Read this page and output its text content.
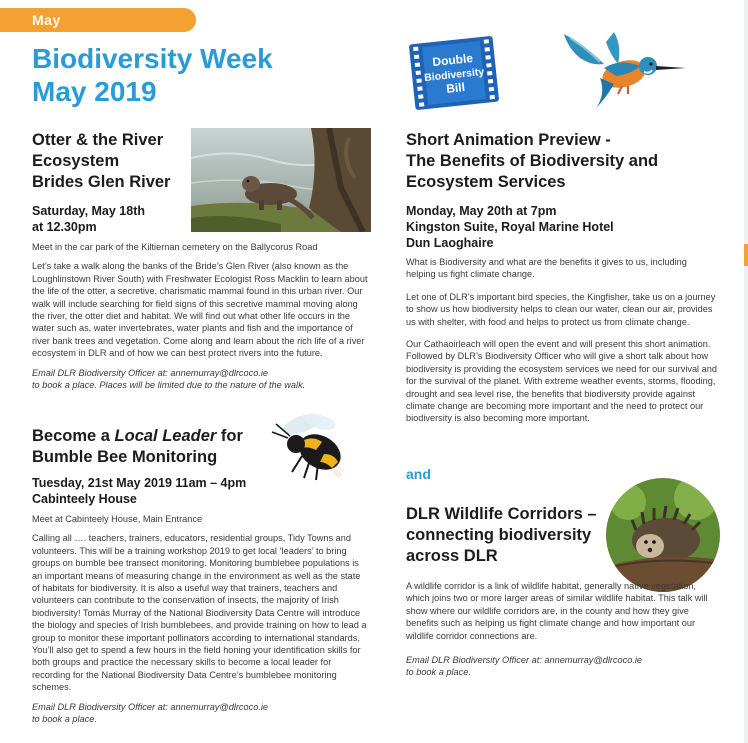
May
Biodiversity Week
May 2019
Otter & the River
Ecosystem
Brides Glen River
Saturday, May 18th
at 12.30pm

Meet in the car park of the Kiltiernan cemetery on the Ballycorus Road

Let’s take a walk along the banks of the Bride’s Glen River (also known as the Loughlinstown River South) with Freshwater Ecologist Ross Macklin to learn about the life of the otter, a secretive, charismatic mammal found in this urban river. Our walk will include searching for field signs of this secretive mammal moving along the river, the otter diet and habitat. We will find out what other life occurs in the water such as, water invertebrates, water plants and fish and the importance of river bank trees and vegetation. Come along and learn about the rich life of a river ecosystem in DLR and of how we can best protect rivers into the future.

Email DLR Biodiversity Officer at: annemurray@dlrcoco.ie
to book a place. Places will be limited due to the nature of the walk.

Become a Local Leader for
Bumble Bee Monitoring
Tuesday, 21st May 2019 11am – 4pm
Cabinteely House

Meet at Cabinteely House, Main Entrance

Calling all …. teachers, trainers, educators, residential groups, Tidy Towns and volunteers. This will be a training workshop 2019 to get local ‘leaders’ to bring groups on bumble bee transect monitoring. Monitoring bumblebee populations is an important means of measuring change in the environment as well as the state of habitats for biodiversity. It is also a useful way that trainers, teachers and volunteers can contribute to the conservation of insects, the majority of Irish biodiversity! Tomás Murray of the National Biodiversity Data Centre will introduce the biology and species of Irish bumblebees, and provide training on how to lead a group to monitor these important pollinators according to international standards. You’ll also get to spend a few hours in the field honing your identification skills for both groups and practice the necessary skills to become a local leader for recording for the National Biodiversity Data Centre’s bumblebee monitoring schemes.

Email DLR Biodiversity Officer at: annemurray@dlrcoco.ie
to book a place.

Double
Biodiversity
Bill
Short Animation Preview -
The Benefits of Biodiversity and
Ecosystem Services
Monday, May 20th at 7pm
Kingston Suite, Royal Marine Hotel
Dun Laoghaire

What is Biodiversity and what are the benefits it gives to us, including helping us fight climate change.

Let one of DLR’s important bird species, the Kingfisher, take us on a journey to show us how biodiversity helps to clean our water, clean our air, provides us with shelter, with food and helps to protect us from climate change.

Our Cathaoirleach will open the event and will present this short animation. Followed by DLR’s Biodiversity Officer who will give a short talk about how biodiversity is providing the ecosystem services we need for our survival and for the survival of the planet. With extreme weather events, storms, flooding, drought and sea level rise, the benefits that biodiversity provide against climate change are becoming more important and the need to protect our biodiversity is also becoming more important.

and
DLR Wildlife Corridors –
connecting biodiversity
across DLR

A wildlife corridor is a link of wildlife habitat, generally native vegetation, which joins two or more larger areas of similar wildlife habitat. This talk will show where our wildlife corridors are, in the county and how they give benefits such as helping us fight climate change and how important our wildlife corridor connections are.

Email DLR Biodiversity Officer at: annemurray@dlrcoco.ie
to book a place.
